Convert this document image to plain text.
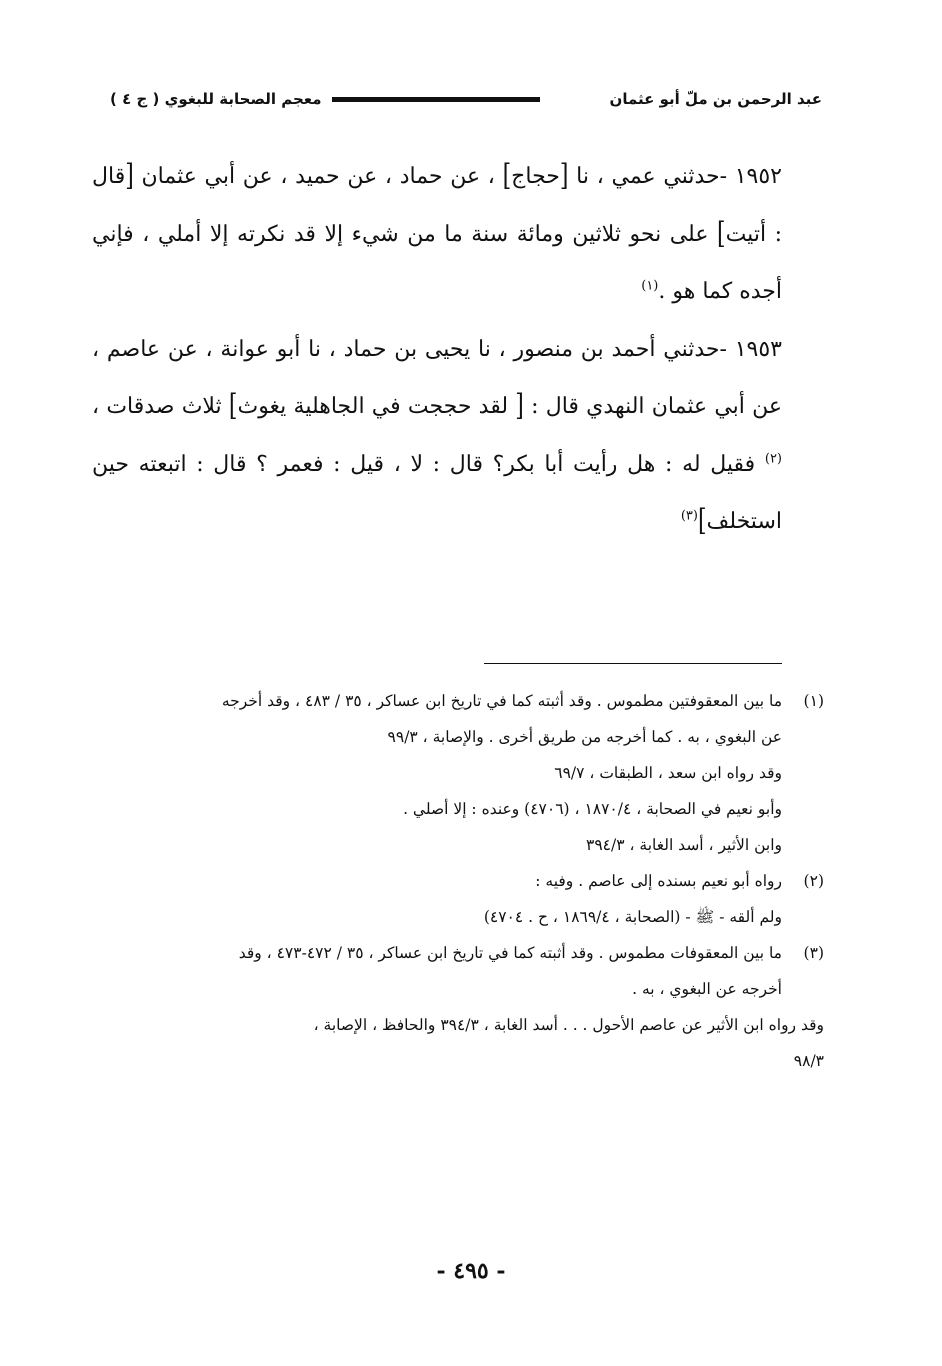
عبد الرحمن بن ملّ أبو عثمان
معجم الصحابة للبغوي ( ج ٤ )

١٩٥٢ -حدثني عمي ، نا [حجاج] ، عن حماد ، عن حميد ، عن أبي عثمان [قال : أتيت] على نحو ثلاثين ومائة سنة ما من شيء إلا قد نكرته إلا أملي ، فإني أجده كما هو .$^{(١)}$

١٩٥٣ -حدثني أحمد بن منصور ، نا يحيى بن حماد ، نا أبو عوانة ، عن عاصم ، عن أبي عثمان النهدي قال : [ لقد حججت في الجاهلية يغوث] ثلاث صدقات ،$^{(٢)}$ فقيل له : هل رأيت أبا بكر؟ قال : لا ، قيل : فعمر ؟ قال : اتبعته حين استخلف]$^{(٣)}$

(١)
ما بين المعقوفتين مطموس . وقد أثبته كما في تاريخ ابن عساكر ، ٣٥ / ٤٨٣ ، وقد أخرجه
عن البغوي ، به . كما أخرجه من طريق أخرى . والإصابة ، ٩٩/٣
وقد رواه ابن سعد ، الطبقات ، ٦٩/٧
وأبو نعيم في الصحابة ، ١٨٧٠/٤ ، (٤٧٠٦) وعنده : إلا أصلي .
وابن الأثير ، أسد الغابة ، ٣٩٤/٣
(٢)
رواه أبو نعيم بسنده إلى عاصم . وفيه :
ولم ألقه - ﷺ - (الصحابة ، ١٨٦٩/٤ ، ح . ٤٧٠٤)
(٣)
ما بين المعقوفات مطموس . وقد أثبته كما في تاريخ ابن عساكر ، ٣٥ / ٤٧٢-٤٧٣ ، وقد
أخرجه عن البغوي ، به .
وقد رواه ابن الأثير عن عاصم الأحول . . . أسد الغابة ، ٣٩٤/٣ والحافظ ، الإصابة ،
٩٨/٣
- ٤٩٥ -
